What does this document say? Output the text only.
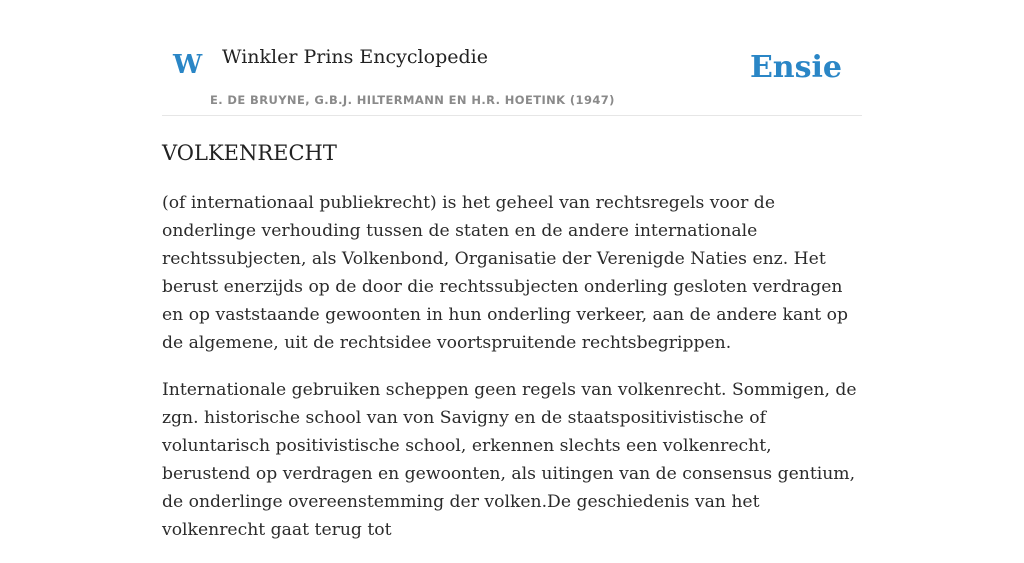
W Winkler Prins Encyclopedie
E. DE BRUYNE, G.B.J. HILTERMANN EN H.R. HOETINK (1947)
Ensie
VOLKENRECHT

(of internationaal publiekrecht) is het geheel van rechtsregels voor de onderlinge verhouding tussen de staten en de andere internationale rechtssubjecten, als Volkenbond, Organisatie der Verenigde Naties enz. Het berust enerzijds op de door die rechtssubjecten onderling gesloten verdragen en op vaststaande gewoonten in hun onderling verkeer, aan de andere kant op de algemene, uit de rechtsidee voortspruitende rechtsbegrippen.

Internationale gebruiken scheppen geen regels van volkenrecht. Sommigen, de zgn. historische school van von Savigny en de staatspositivistische of voluntarisch positivistische school, erkennen slechts een volkenrecht, berustend op verdragen en gewoonten, als uitingen van de consensus gentium, de onderlinge overeenstemming der volken.De geschiedenis van het volkenrecht gaat terug tot
